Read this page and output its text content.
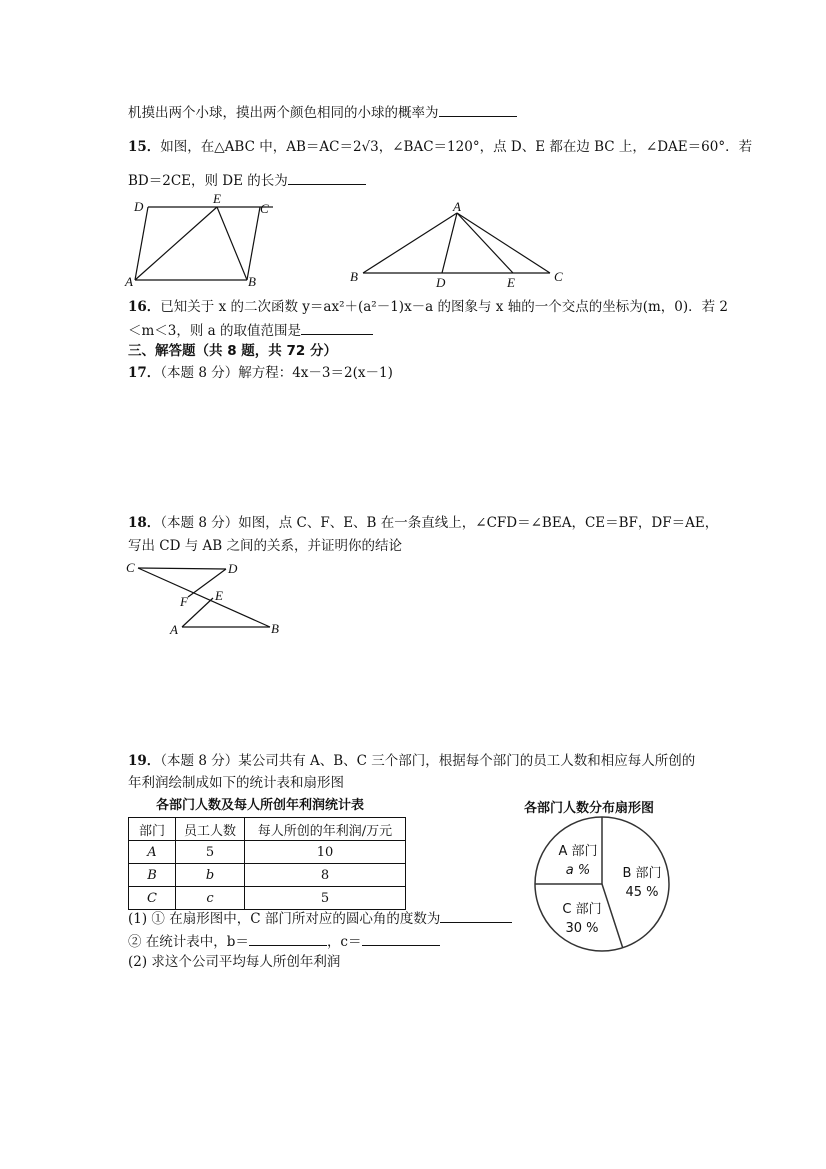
机摸出两个小球，摸出两个颜色相同的小球的概率为
15．如图，在△ABC 中，AB＝AC＝2√3，∠BAC＝120°，点 D、E 都在边 BC 上，∠DAE＝60°．若
BD＝2CE，则 DE 的长为
D
E
C
A	B
A
B	D	E	C
16．已知关于 x 的二次函数 y＝ax²＋(a²－1)x－a 的图象与 x 轴的一个交点的坐标为(m，0)．若 2
＜m＜3，则 a 的取值范围是
三、解答题（共 8 题，共 72 分）
17．（本题 8 分）解方程：4x－3＝2(x－1)
18．（本题 8 分）如图，点 C、F、E、B 在一条直线上，∠CFD＝∠BEA，CE＝BF，DF＝AE，
写出 CD 与 AB 之间的关系，并证明你的结论
C	D
F E
A	B
19．（本题 8 分）某公司共有 A、B、C 三个部门，根据每个部门的员工人数和相应每人所创的
年利润绘制成如下的统计表和扇形图
各部门人数及每人所创年利润统计表
部门	员工人数	每人所创的年利润/万元
A	5	10
B	b	8
C	c	5
各部门人数分布扇形图
A 部门
a %	B 部门
45 %
C 部门
30 %
(1) ① 在扇形图中，C 部门所对应的圆心角的度数为
② 在统计表中，b＝	，c＝
(2) 求这个公司平均每人所创年利润
